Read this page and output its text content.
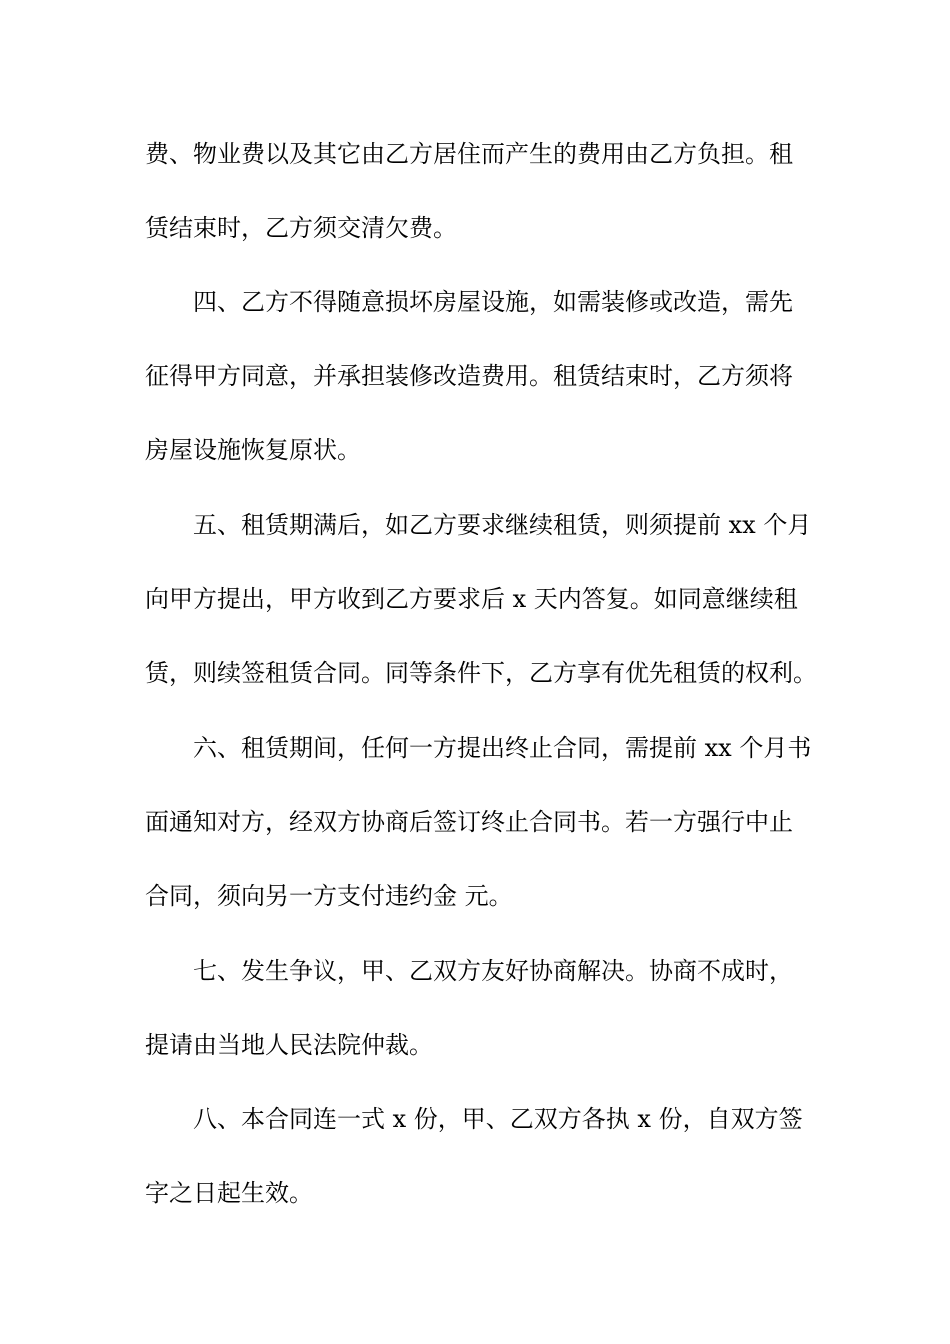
费、物业费以及其它由乙方居住而产生的费用由乙方负担。租
赁结束时，乙方须交清欠费。
四、乙方不得随意损坏房屋设施，如需装修或改造，需先
征得甲方同意，并承担装修改造费用。租赁结束时，乙方须将
房屋设施恢复原状。
五、租赁期满后，如乙方要求继续租赁，则须提前 xx 个月
向甲方提出，甲方收到乙方要求后 x 天内答复。如同意继续租
赁，则续签租赁合同。同等条件下，乙方享有优先租赁的权利。
六、租赁期间，任何一方提出终止合同，需提前 xx 个月书
面通知对方，经双方协商后签订终止合同书。若一方强行中止
合同，须向另一方支付违约金 元。
七、发生争议，甲、乙双方友好协商解决。协商不成时，
提请由当地人民法院仲裁。
八、本合同连一式 x 份，甲、乙双方各执 x 份，自双方签
字之日起生效。
